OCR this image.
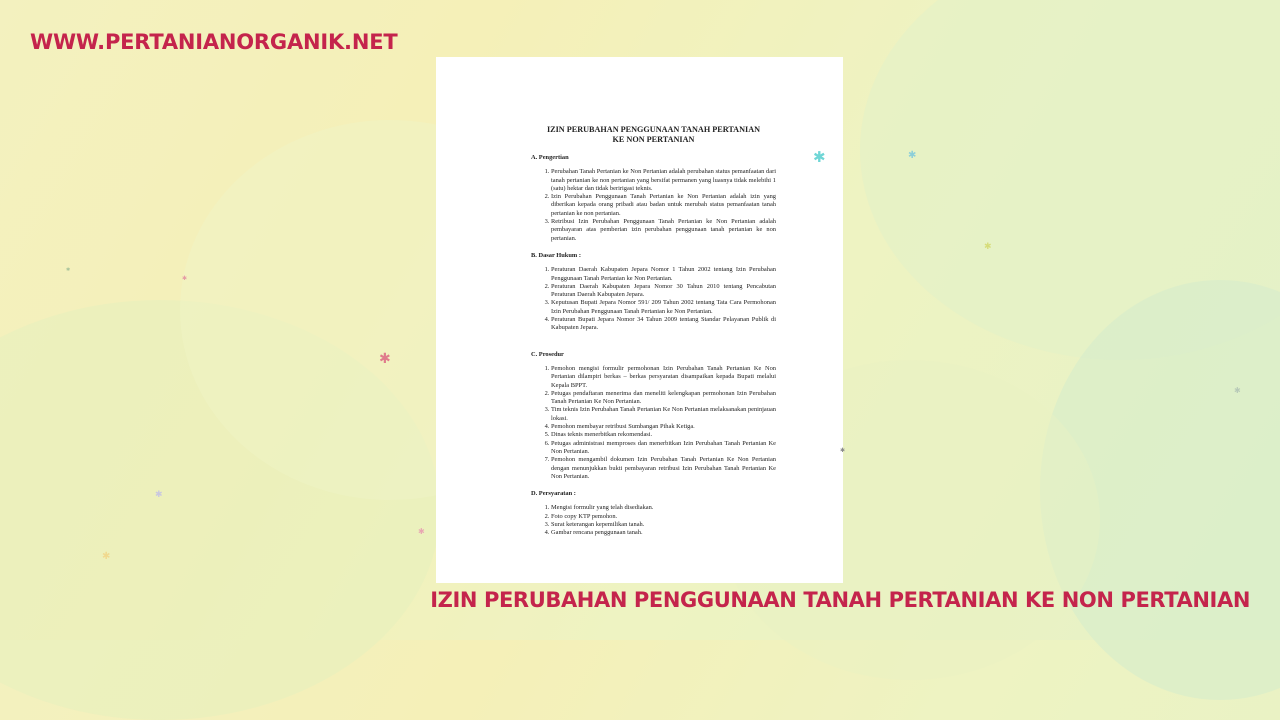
WWW.PERTANIANORGANIK.NET

IZIN PERUBAHAN PENGGUNAAN TANAH PERTANIAN
KE NON PERTANIAN

A. Pengertian

1. Perubahan Tanah Pertanian ke Non Pertanian adalah perubahan status pemanfaatan dari tanah pertanian ke non pertanian yang bersifat permanen yang luasnya tidak melebihi 1 (satu) hektar dan tidak beririgasi teknis.
2. Izin Perubahan Penggunaan Tanah Pertanian ke Non Pertanian adalah izin yang diberikan kepada orang pribadi atau badan untuk merubah status pemanfaatan tanah pertanian ke non pertanian.
3. Retribusi Izin Perubahan Penggunaan Tanah Pertanian ke Non Pertanian adalah pembayaran atas pemberian izin perubahan penggunaan tanah pertanian ke non pertanian.

B. Dasar Hukum :

1. Peraturan Daerah Kabupaten Jepara Nomor 1 Tahun 2002 tentang Izin Perubahan Penggunaan Tanah Pertanian ke Non Pertanian.
2. Peraturan Daerah Kabupaten Jepara Nomor 30 Tahun 2010 tentang Pencabutan Peraturan Daerah Kabupaten Jepara.
3. Keputusan Bupati Jepara Nomor 591/ 209 Tahun 2002 tentang Tata Cara Permohonan Izin Perubahan Penggunaan Tanah Pertanian ke Non Pertanian.
4. Peraturan Bupati Jepara Nomor 34 Tahun 2009 tentang Standar Pelayanan Publik di Kabupaten Jepara.

C. Prosedur

1. Pemohon mengisi formulir permohonan Izin Perubahan Tanah Pertanian Ke Non Pertanian dilampiri berkas – berkas persyaratan disampaikan kepada Bupati melalui Kepala BPPT.
2. Petugas pendaftaran menerima dan meneliti kelengkapan permohonan Izin Perubahan Tanah Pertanian Ke Non Pertanian.
3. Tim teknis Izin Perubahan Tanah Pertanian Ke Non Pertanian melaksanakan peninjauan lokasi.
4. Pemohon membayar retribusi Sumbangan Pihak Ketiga.
5. Dinas teknis menerbitkan rekomendasi.
6. Petugas administrasi memproses dan menerbitkan Izin Perubahan Tanah Pertanian Ke Non Pertanian.
7. Pemohon mengambil dokumen Izin Perubahan Tanah Pertanian Ke Non Pertanian dengan menunjukkan bukti pembayaran retribusi Izin Perubahan Tanah Pertanian Ke Non Pertanian.

D. Persyaratan :

1. Mengisi formulir yang telah disediakan.
2. Foto copy KTP pemohon.
3. Surat keterangan kepemilikan tanah.
4. Gambar rencana penggunaan tanah.

IZIN PERUBAHAN PENGGUNAAN TANAH PERTANIAN KE NON PERTANIAN

✱	✱
✱
✱
✱
✱
✱
✱
✱
✱
✱
